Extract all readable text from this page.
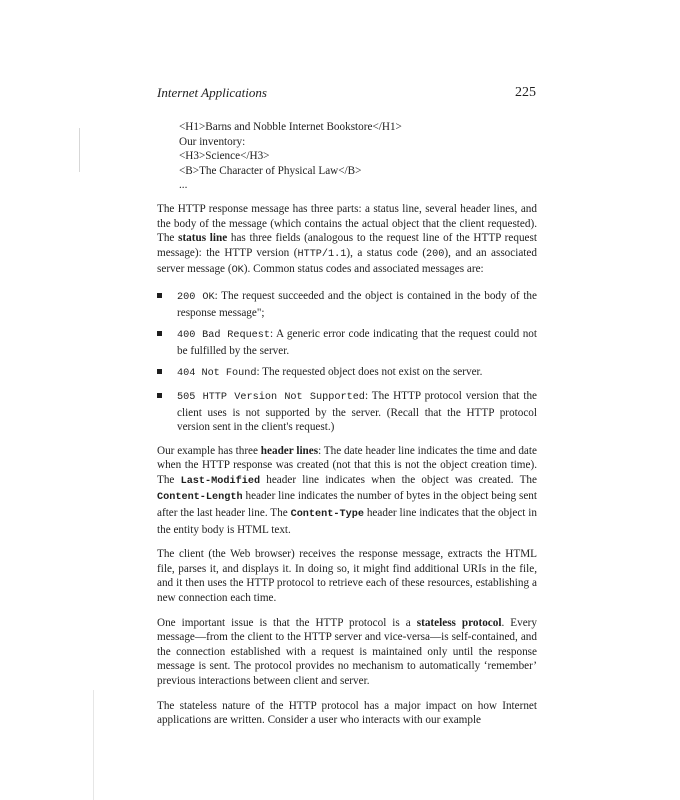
Internet Applications	225
<H1>Barns and Nobble Internet Bookstore</H1>
Our inventory:
<H3>Science</H3>
<B>The Character of Physical Law</B>
...

The HTTP response message has three parts: a status line, several header lines, and the body of the message (which contains the actual object that the client requested). The status line has three fields (analogous to the request line of the HTTP request message): the HTTP version (HTTP/1.1), a status code (200), and an associated server message (OK). Common status codes and associated messages are:

200 OK: The request succeeded and the object is contained in the body of the response message";
400 Bad Request: A generic error code indicating that the request could not be fulfilled by the server.
404 Not Found: The requested object does not exist on the server.
505 HTTP Version Not Supported: The HTTP protocol version that the client uses is not supported by the server. (Recall that the HTTP protocol version sent in the client's request.)

Our example has three header lines: The date header line indicates the time and date when the HTTP response was created (not that this is not the object creation time). The Last-Modified header line indicates when the object was created. The Content-Length header line indicates the number of bytes in the object being sent after the last header line. The Content-Type header line indicates that the object in the entity body is HTML text.

The client (the Web browser) receives the response message, extracts the HTML file, parses it, and displays it. In doing so, it might find additional URIs in the file, and it then uses the HTTP protocol to retrieve each of these resources, establishing a new connection each time.

One important issue is that the HTTP protocol is a stateless protocol. Every message—from the client to the HTTP server and vice-versa—is self-contained, and the connection established with a request is maintained only until the response message is sent. The protocol provides no mechanism to automatically ‘remember’ previous interactions between client and server.

The stateless nature of the HTTP protocol has a major impact on how Internet applications are written. Consider a user who interacts with our example
